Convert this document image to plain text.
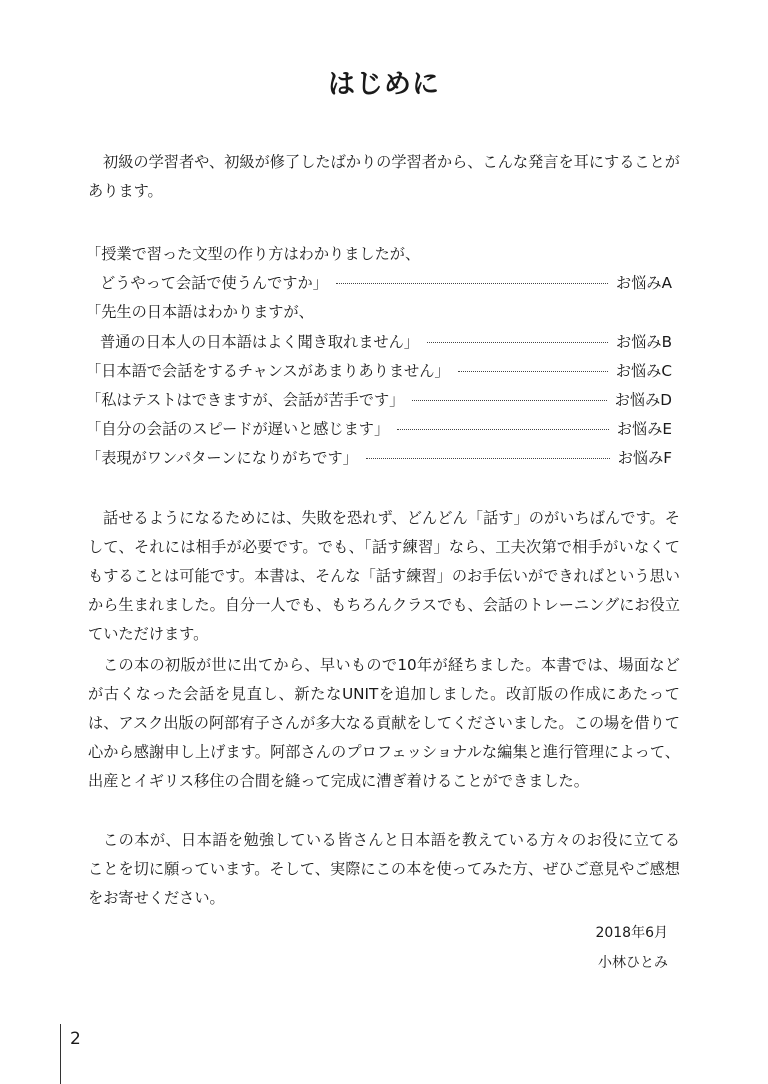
はじめに

初級の学習者や、初級が修了したばかりの学習者から、こんな発言を耳にすることがあります。

「授業で習った文型の作り方はわかりましたが、
どうやって会話で使うんですか」	お悩みA
「先生の日本語はわかりますが、
普通の日本人の日本語はよく聞き取れません」	お悩みB
「日本語で会話をするチャンスがあまりありません」	お悩みC
「私はテストはできますが、会話が苦手です」	お悩みD
「自分の会話のスピードが遅いと感じます」	お悩みE
「表現がワンパターンになりがちです」	お悩みF

話せるようになるためには、失敗を恐れず、どんどん「話す」のがいちばんです。そして、それには相手が必要です。でも、「話す練習」なら、工夫次第で相手がいなくてもすることは可能です。本書は、そんな「話す練習」のお手伝いができればという思いから生まれました。自分一人でも、もちろんクラスでも、会話のトレーニングにお役立ていただけます。

この本の初版が世に出てから、早いもので10年が経ちました。本書では、場面などが古くなった会話を見直し、新たなUNITを追加しました。改訂版の作成にあたっては、アスク出版の阿部宥子さんが多大なる貢献をしてくださいました。この場を借りて心から感謝申し上げます。阿部さんのプロフェッショナルな編集と進行管理によって、出産とイギリス移住の合間を縫って完成に漕ぎ着けることができました。

この本が、日本語を勉強している皆さんと日本語を教えている方々のお役に立てることを切に願っています。そして、実際にこの本を使ってみた方、ぜひご意見やご感想をお寄せください。

2018年6月
小林ひとみ
2
